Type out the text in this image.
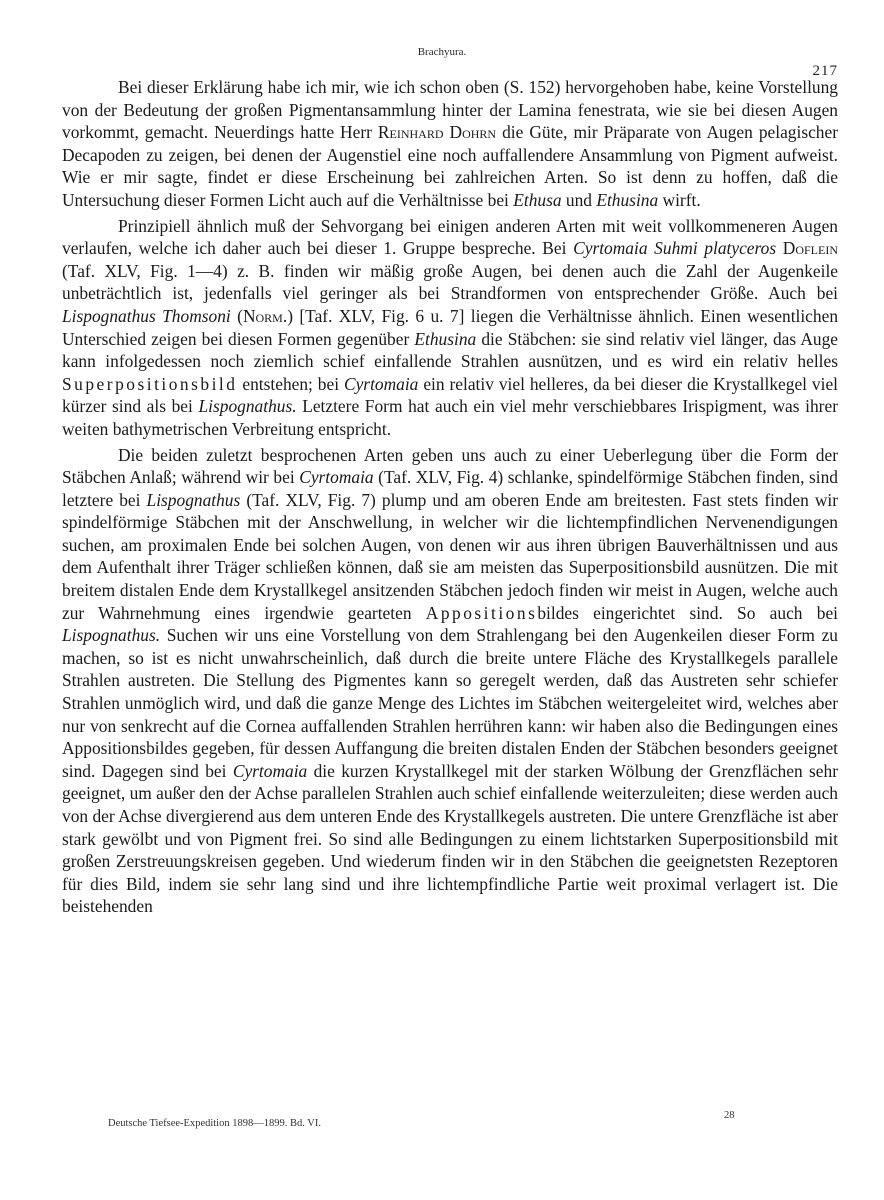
Brachyura.
217

Bei dieser Erklärung habe ich mir, wie ich schon oben (S. 152) hervorgehoben habe, keine Vorstellung von der Bedeutung der großen Pigmentansammlung hinter der Lamina fenestrata, wie sie bei diesen Augen vorkommt, gemacht. Neuerdings hatte Herr Reinhard Dohrn die Güte, mir Präparate von Augen pelagischer Decapoden zu zeigen, bei denen der Augenstiel eine noch auffallendere Ansammlung von Pigment aufweist. Wie er mir sagte, findet er diese Erscheinung bei zahlreichen Arten. So ist denn zu hoffen, daß die Untersuchung dieser Formen Licht auch auf die Verhältnisse bei Ethusa und Ethusina wirft.

Prinzipiell ähnlich muß der Sehvorgang bei einigen anderen Arten mit weit vollkommeneren Augen verlaufen, welche ich daher auch bei dieser 1. Gruppe bespreche. Bei Cyrtomaia Suhmi platyceros Doflein (Taf. XLV, Fig. 1—4) z. B. finden wir mäßig große Augen, bei denen auch die Zahl der Augenkeile unbeträchtlich ist, jedenfalls viel geringer als bei Strandformen von entsprechender Größe. Auch bei Lispognathus Thomsoni (Norm.) [Taf. XLV, Fig. 6 u. 7] liegen die Verhältnisse ähnlich. Einen wesentlichen Unterschied zeigen bei diesen Formen gegenüber Ethusina die Stäbchen: sie sind relativ viel länger, das Auge kann infolgedessen noch ziemlich schief einfallende Strahlen ausnützen, und es wird ein relativ helles Superpositionsbild entstehen; bei Cyrtomaia ein relativ viel helleres, da bei dieser die Krystallkegel viel kürzer sind als bei Lispognathus. Letztere Form hat auch ein viel mehr verschiebbares Irispigment, was ihrer weiten bathymetrischen Verbreitung entspricht.

Die beiden zuletzt besprochenen Arten geben uns auch zu einer Ueberlegung über die Form der Stäbchen Anlaß; während wir bei Cyrtomaia (Taf. XLV, Fig. 4) schlanke, spindelförmige Stäbchen finden, sind letztere bei Lispognathus (Taf. XLV, Fig. 7) plump und am oberen Ende am breitesten. Fast stets finden wir spindelförmige Stäbchen mit der Anschwellung, in welcher wir die lichtempfindlichen Nervenendigungen suchen, am proximalen Ende bei solchen Augen, von denen wir aus ihren übrigen Bauverhältnissen und aus dem Aufenthalt ihrer Träger schließen können, daß sie am meisten das Superpositionsbild ausnützen. Die mit breitem distalen Ende dem Krystallkegel ansitzenden Stäbchen jedoch finden wir meist in Augen, welche auch zur Wahrnehmung eines irgendwie gearteten Appositionsbildes eingerichtet sind. So auch bei Lispognathus. Suchen wir uns eine Vorstellung von dem Strahlengang bei den Augenkeilen dieser Form zu machen, so ist es nicht unwahrscheinlich, daß durch die breite untere Fläche des Krystallkegels parallele Strahlen austreten. Die Stellung des Pigmentes kann so geregelt werden, daß das Austreten sehr schiefer Strahlen unmöglich wird, und daß die ganze Menge des Lichtes im Stäbchen weitergeleitet wird, welches aber nur von senkrecht auf die Cornea auffallenden Strahlen herrühren kann: wir haben also die Bedingungen eines Appositionsbildes gegeben, für dessen Auffangung die breiten distalen Enden der Stäbchen besonders geeignet sind. Dagegen sind bei Cyrtomaia die kurzen Krystallkegel mit der starken Wölbung der Grenzflächen sehr geeignet, um außer den der Achse parallelen Strahlen auch schief einfallende weiterzuleiten; diese werden auch von der Achse divergierend aus dem unteren Ende des Krystallkegels austreten. Die untere Grenzfläche ist aber stark gewölbt und von Pigment frei. So sind alle Bedingungen zu einem lichtstarken Superpositionsbild mit großen Zerstreuungskreisen gegeben. Und wiederum finden wir in den Stäbchen die geeignetsten Rezeptoren für dies Bild, indem sie sehr lang sind und ihre lichtempfindliche Partie weit proximal verlagert ist. Die beistehenden

Deutsche Tiefsee-Expedition 1898—1899. Bd. VI.
28
